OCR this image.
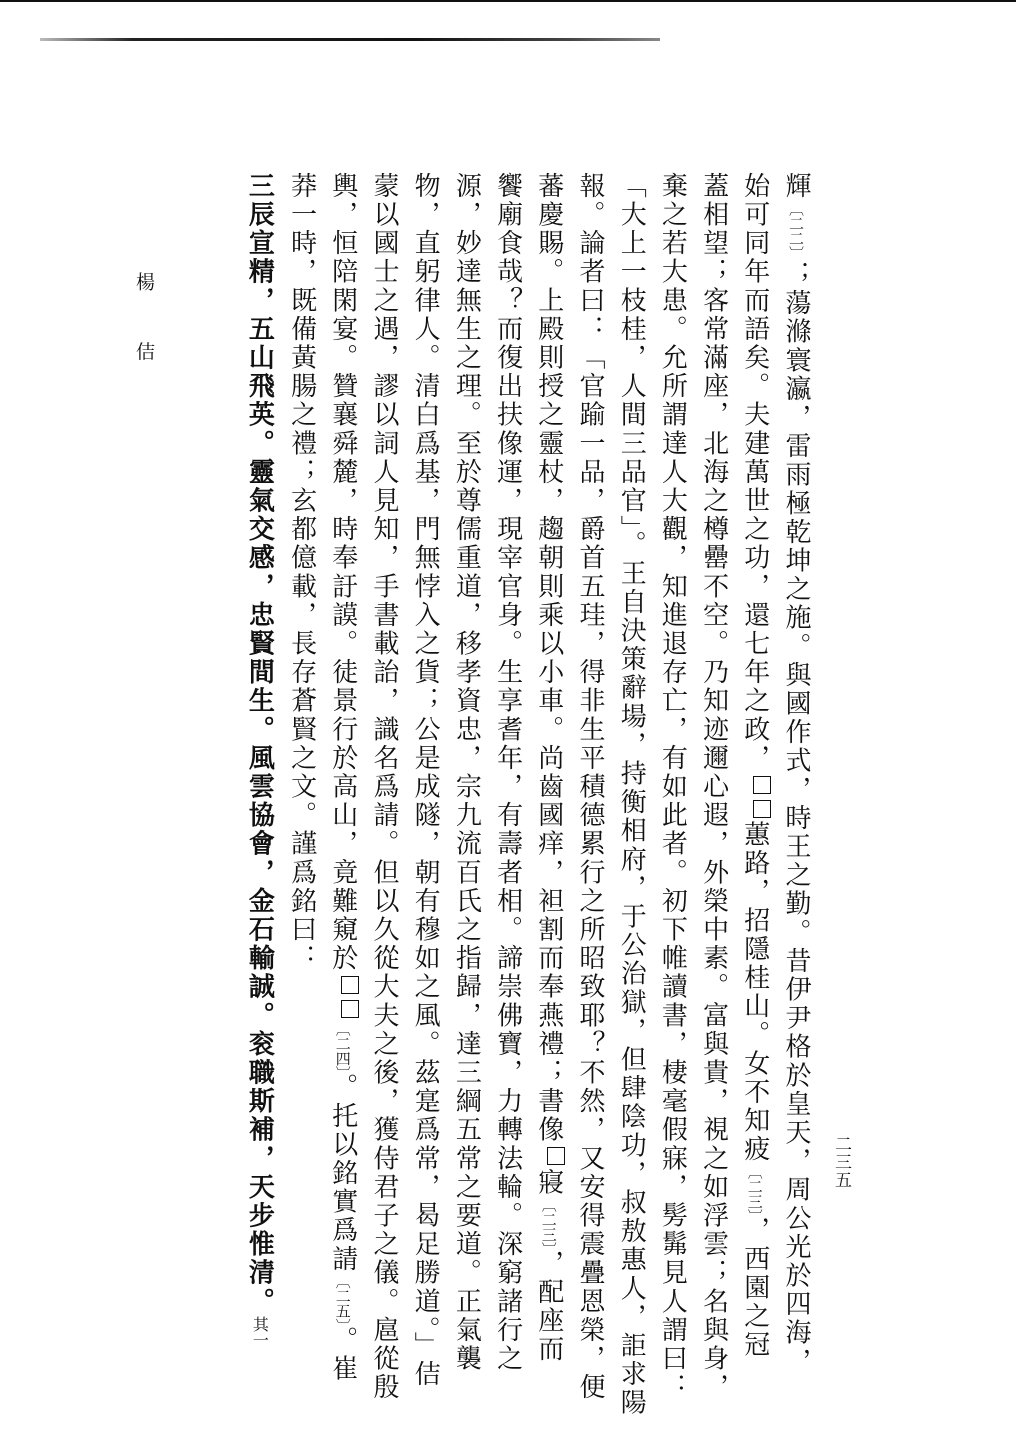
楊 佶
二三五
輝〔二二〕；蕩滌寰瀛，雷雨極乾坤之施。與國作式，時王之勤。昔伊尹格於皇天，周公光於四海，
始可同年而語矣。夫建萬世之功，還七年之政，蕙路，招隱桂山。女不知疲〔二三〕，西園之冠
蓋相望；客常滿座，北海之樽罍不空。乃知迹邇心遐，外榮中素。富與貴，視之如浮雲；名與身，
棄之若大患。允所謂達人大觀，知進退存亡，有如此者。初下帷讀書，棲毫假寐，髣髴見人謂曰：
「大上一枝桂，人間三品官」。王自決策辭場，持衡相府，于公治獄，但肆陰功，叔敖惠人，詎求陽
報。論者曰：「官踰一品，爵首五珪，得非生平積德累行之所昭致耶？不然，又安得震疊恩榮，便
蕃慶賜。上殿則授之靈杖，趨朝則乘以小車。尚齒國痒，袒割而奉燕禮；書像寢〔二三〕，配座而
饗廟食哉？而復出扶像運，現宰官身。生享耆年，有壽者相。諦崇佛寶，力轉法輪。深窮諸行之
源，妙達無生之理。至於尊儒重道，移孝資忠，宗九流百氏之指歸，達三綱五常之要道。正氣襲
物，直躬律人。清白爲基，門無悖入之貨；公是成隧，朝有穆如之風。茲寔爲常，曷足勝道。」佶
蒙以國士之遇，謬以詞人見知，手書載詒，識名爲請。但以久從大夫之後，獲侍君子之儀。扈從殷
輿，恒陪閑宴。贊襄舜麓，時奉訏謨。徒景行於高山，竟難窺於〔二四〕。托以銘實爲請〔二五〕。崔
莽一時，既備黃腸之禮；玄都億載，長存蒼賢之文。謹爲銘曰：
三辰宣精，五山飛英。靈氣交感，忠賢間生。風雲協會，金石輸誠。衮職斯補，天步惟清。其一
